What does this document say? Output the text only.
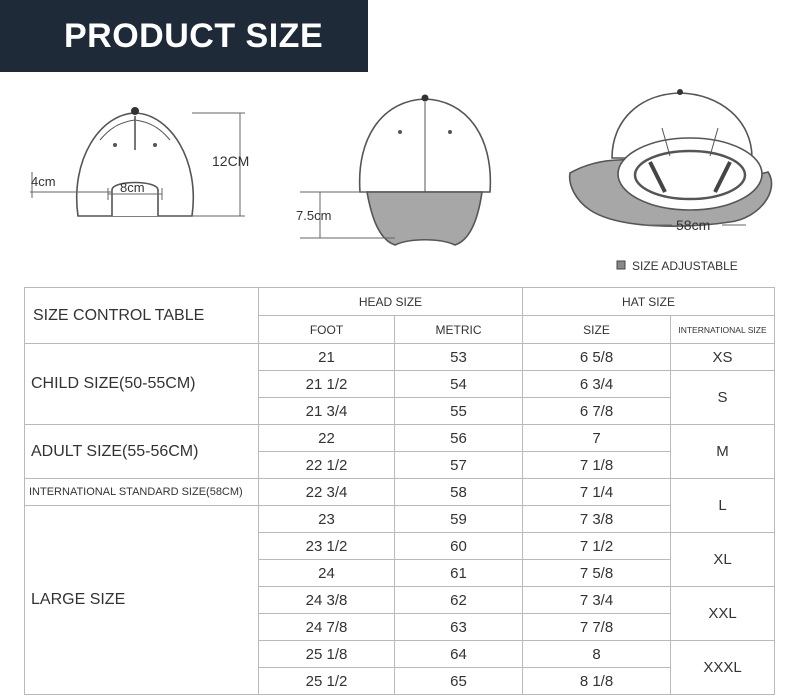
PRODUCT SIZE
12CM
4cm	8cm
7.5cm
58cm
SIZE ADJUSTABLE
SIZE CONTROL TABLE	HEAD SIZE		HAT SIZE	
	FOOT	METRIC	SIZE	INTERNATIONAL SIZE
CHILD SIZE(50-55CM)	21	53	6 5/8	XS
	21 1/2	54	6 3/4	S
	21 3/4	55	6 7/8	
ADULT SIZE(55-56CM)	22	56	7	M
	22 1/2	57	7 1/8	
INTERNATIONAL STANDARD SIZE(58CM)	22 3/4	58	7 1/4	L
LARGE SIZE	23	59	7 3/8	
	23 1/2	60	7 1/2	XL
	24	61	7 5/8	
	24 3/8	62	7 3/4	XXL
	24 7/8	63	7 7/8	
	25 1/8	64	8	XXXL
	25 1/2	65	8 1/8	
